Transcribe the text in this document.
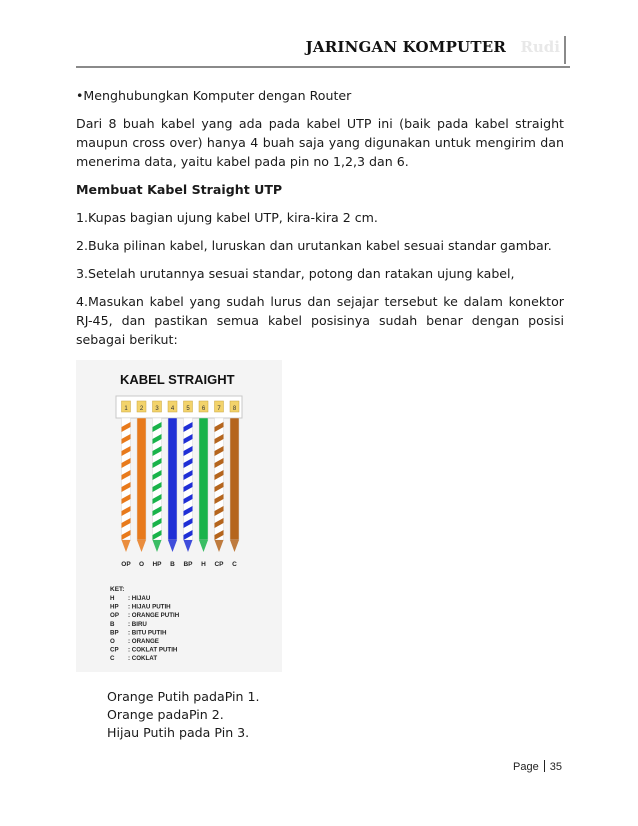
JARINGAN KOMPUTER Rudi

•Menghubungkan Komputer dengan Router

Dari 8 buah kabel yang ada pada kabel UTP ini (baik pada kabel straight maupun cross over) hanya 4 buah saja yang digunakan untuk mengirim dan menerima data, yaitu kabel pada pin no 1,2,3 dan 6.

Membuat Kabel Straight UTP

1.Kupas bagian ujung kabel UTP, kira-kira 2 cm.

2.Buka pilinan kabel, luruskan dan urutankan kabel sesuai standar gambar.

3.Setelah urutannya sesuai standar, potong dan ratakan ujung kabel,

4.Masukan kabel yang sudah lurus dan sejajar tersebut ke dalam konektor RJ-45, dan pastikan semua kabel posisinya sudah benar dengan posisi sebagai berikut:

KABEL STRAIGHT
1 2 3 4 5 6 7 8
OP O HP B BP H CP C
KET:
H : HIJAU
HP : HIJAU PUTIH
OP : ORANGE PUTIH
B : BIRU
BP : BITU PUTIH
O : ORANGE
CP : COKLAT PUTIH
C : COKLAT
Orange Putih padaPin 1.
Orange padaPin 2.
Hijau Putih pada Pin 3.
Page 35
